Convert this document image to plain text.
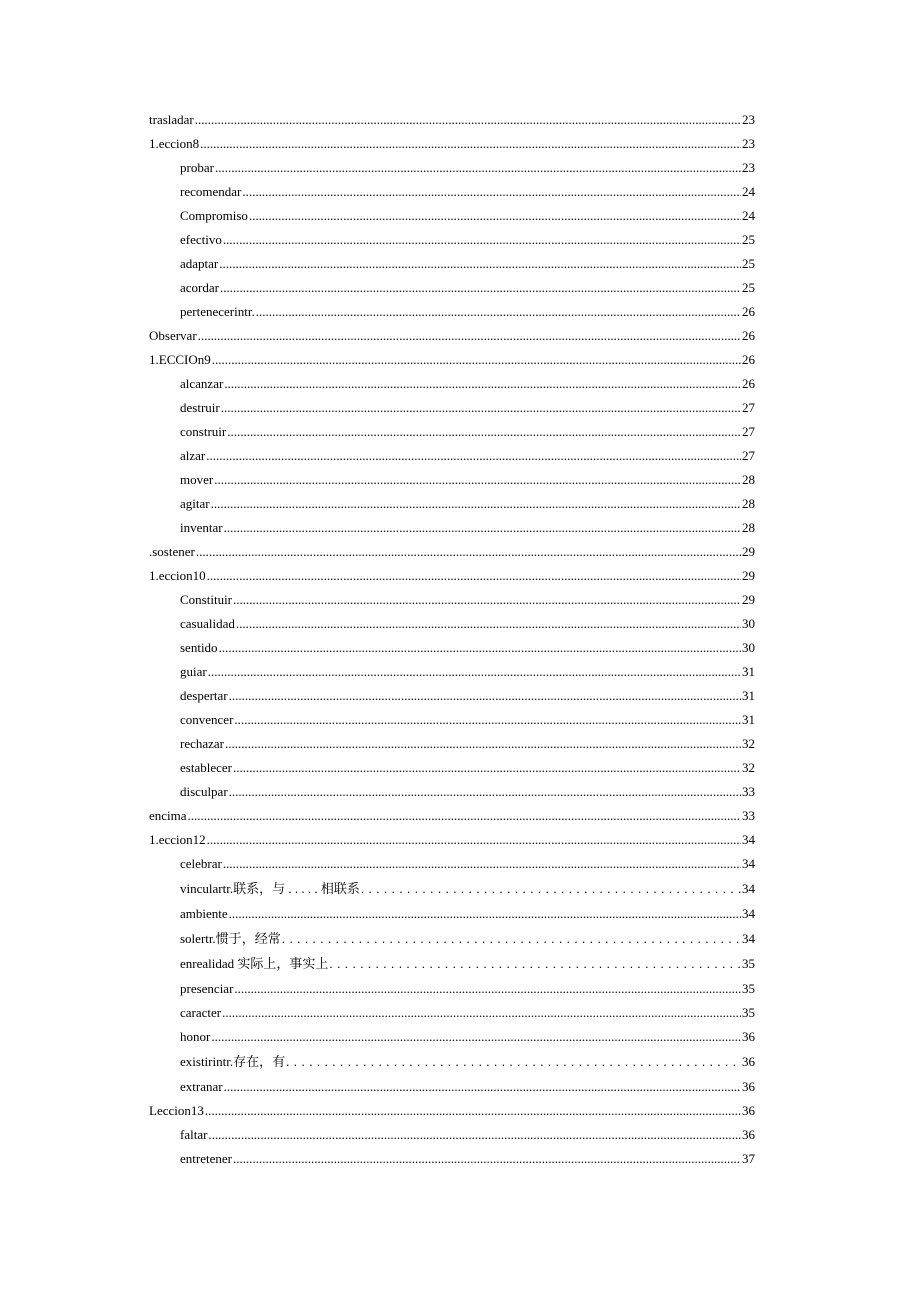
trasladar .....	23
1.eccion8 .....	23
probar .....	23
recomendar .....	24
Compromiso .....	24
efectivo .....	25
adaptar .....	25
acordar .....	25
pertenecerintr. .....	26
Observar .....	26
1.ECCIOn9 .....	26
alcanzar .....	26
destruir .....	27
construir .....	27
alzar .....	27
mover .....	28
agitar .....	28
inventar .....	28
.sostener .....	29
1.eccion10 .....	29
Constituir .....	29
casualidad .....	30
sentido .....	30
guiar .....	31
despertar .....	31
convencer .....	31
rechazar .....	32
establecer .....	32
disculpar .....	33
encima .....	33
1.eccion12 .....	34
celebrar .....	34
vinculartr.联系，与 . . . . . 相联系 . . .	34
ambiente .....	34
solertr.惯于，经常 . . .	34
enrealidad 实际上，事实上 . . .	35
presenciar .....	35
caracter .....	35
honor .....	36
existirintr.存在，有 . . .	36
extranar .....	36
Leccion13 .....	36
faltar .....	36
entretener .....	37
